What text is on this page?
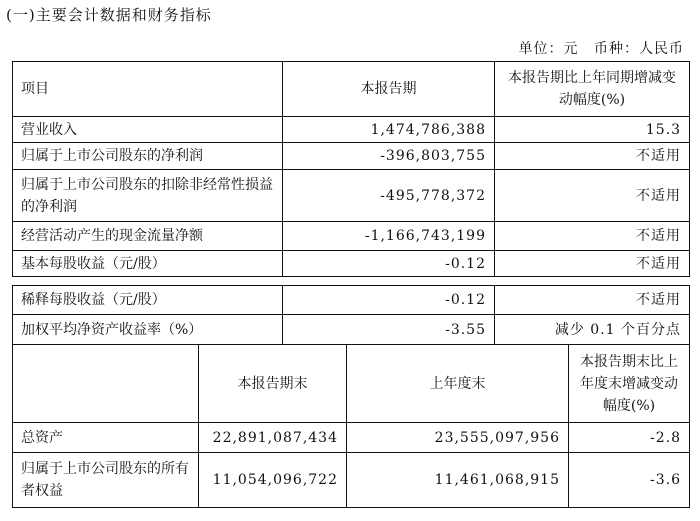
(一)主要会计数据和财务指标
单位：元 币种：人民币
项目	本报告期	本报告期比上年同期增减变动幅度(%)
营业收入	1,474,786,388	15.3
归属于上市公司股东的净利润	-396,803,755	不适用
归属于上市公司股东的扣除非经常性损益的净利润	-495,778,372	不适用
经营活动产生的现金流量净额	-1,166,743,199	不适用
基本每股收益（元/股）	-0.12	不适用
稀释每股收益（元/股）	-0.12	不适用
加权平均净资产收益率（%）	-3.55	减少 0.1 个百分点
	本报告期末	上年度末	本报告期末比上年度末增减变动幅度(%)
总资产	22,891,087,434	23,555,097,956	-2.8
归属于上市公司股东的所有者权益	11,054,096,722	11,461,068,915	-3.6
